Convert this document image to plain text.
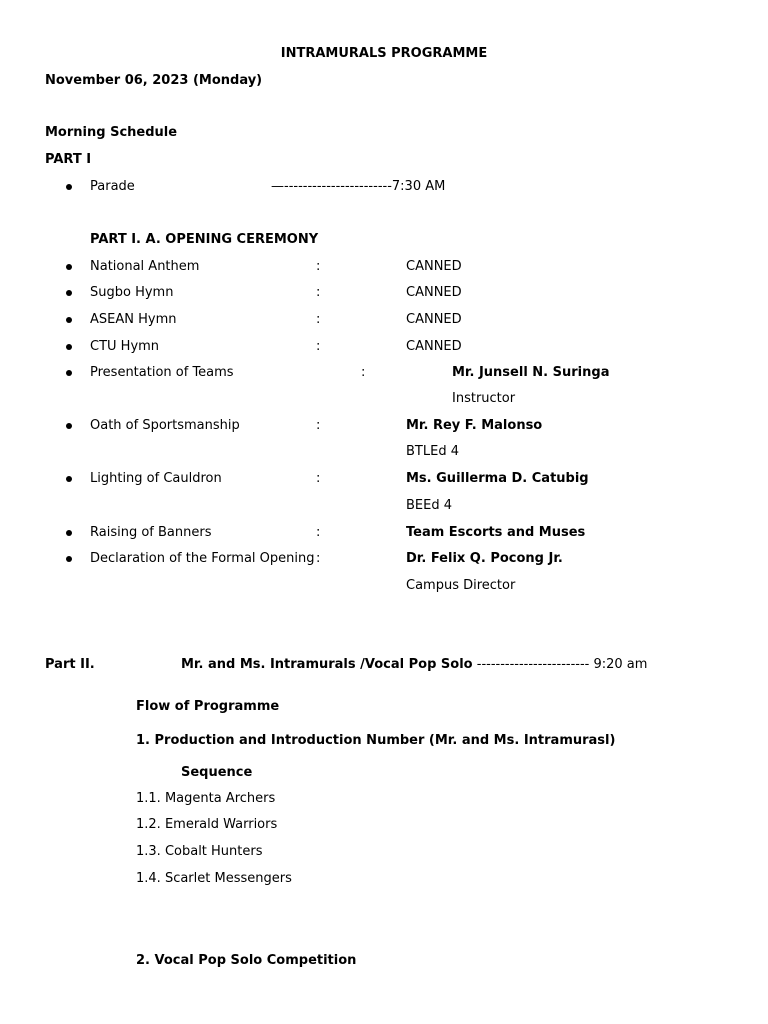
INTRAMURALS PROGRAMME
November 06, 2023 (Monday)
Morning Schedule
PART I
Parade	—-----------------------7:30 AM
PART I. A. OPENING CEREMONY
National Anthem	:	CANNED
Sugbo Hymn	:	CANNED
ASEAN Hymn	:	CANNED
CTU Hymn	:	CANNED
Presentation of Teams	:	Mr. Junsell N. Suringa
Instructor
Oath of Sportsmanship	:	Mr. Rey F. Malonso
BTLEd 4
Lighting of Cauldron	:	Ms. Guillerma D. Catubig
BEEd 4
Raising of Banners	:	Team Escorts and Muses
Declaration of the Formal Opening :	Dr. Felix Q. Pocong Jr.
Campus Director
Part II.	Mr. and Ms. Intramurals /Vocal Pop Solo ------------------------ 9:20 am
Flow of Programme
1. Production and Introduction Number (Mr. and Ms. Intramurasl)
Sequence
1.1. Magenta Archers
1.2. Emerald Warriors
1.3. Cobalt Hunters
1.4. Scarlet Messengers
2. Vocal Pop Solo Competition
